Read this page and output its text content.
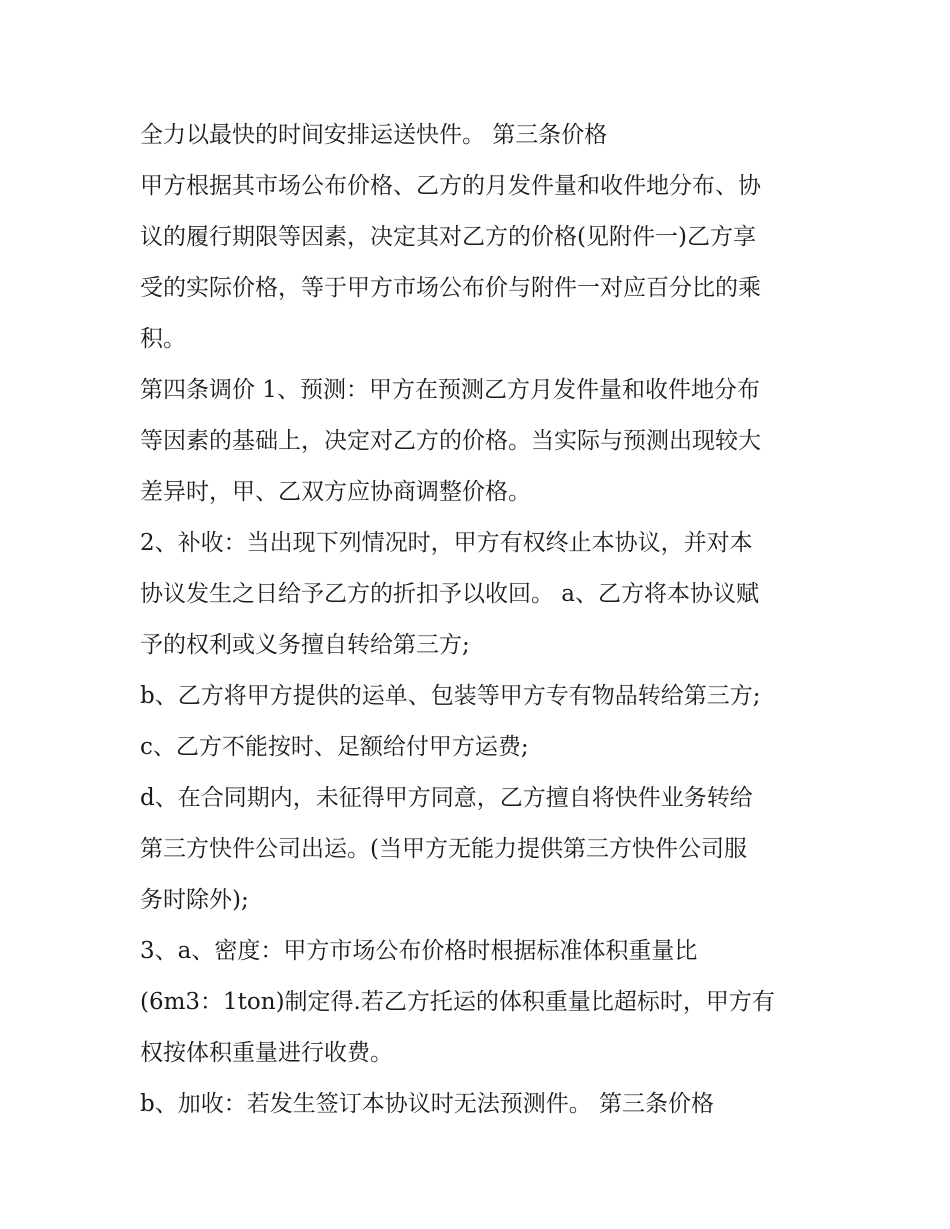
全力以最快的时间安排运送快件。 第三条价格
甲方根据其市场公布价格、乙方的月发件量和收件地分布、协
议的履行期限等因素，决定其对乙方的价格(见附件一)乙方享
受的实际价格，等于甲方市场公布价与附件一对应百分比的乘
积。
第四条调价 1、预测：甲方在预测乙方月发件量和收件地分布
等因素的基础上，决定对乙方的价格。当实际与预测出现较大
差异时，甲、乙双方应协商调整价格。
2、补收：当出现下列情况时，甲方有权终止本协议，并对本
协议发生之日给予乙方的折扣予以收回。 a、乙方将本协议赋
予的权利或义务擅自转给第三方;
b、乙方将甲方提供的运单、包装等甲方专有物品转给第三方;
c、乙方不能按时、足额给付甲方运费;
d、在合同期内，未征得甲方同意，乙方擅自将快件业务转给
第三方快件公司出运。(当甲方无能力提供第三方快件公司服
务时除外);
3、a、密度：甲方市场公布价格时根据标准体积重量比
(6m3：1ton)制定得.若乙方托运的体积重量比超标时，甲方有
权按体积重量进行收费。
b、加收：若发生签订本协议时无法预测件。 第三条价格
